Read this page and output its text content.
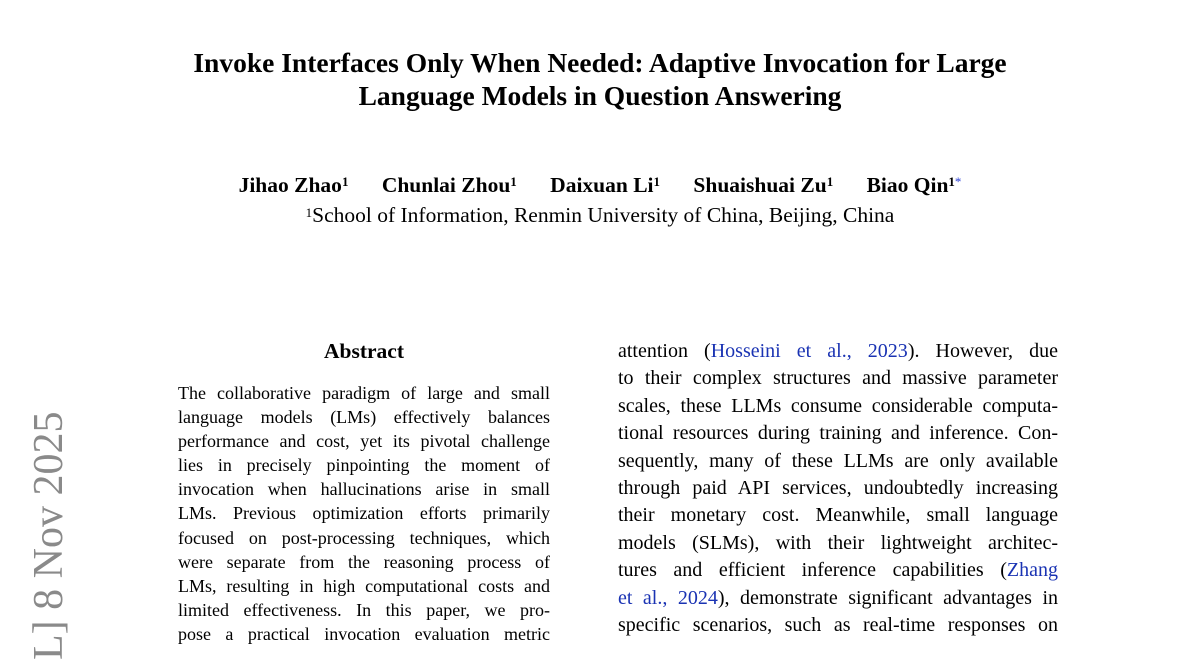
Invoke Interfaces Only When Needed: Adaptive Invocation for Large
Language Models in Question Answering
Jihao Zhao$^1$ Chunlai Zhou$^1$ Daixuan Li$^1$ Shuaishuai Zu$^1$ Biao Qin$^{1*}$
$^1$School of Information, Renmin University of China, Beijing, China
L] 8 Nov 2025
Abstract
The collaborative paradigm of large and small
language models (LMs) effectively balances
performance and cost, yet its pivotal challenge
lies in precisely pinpointing the moment of
invocation when hallucinations arise in small
LMs. Previous optimization efforts primarily
focused on post-processing techniques, which
were separate from the reasoning process of
LMs, resulting in high computational costs and
limited effectiveness. In this paper, we pro-
pose a practical invocation evaluation metric
attention (Hosseini et al., 2023). However, due
to their complex structures and massive parameter
scales, these LLMs consume considerable computa-
tional resources during training and inference. Con-
sequently, many of these LLMs are only available
through paid API services, undoubtedly increasing
their monetary cost. Meanwhile, small language
models (SLMs), with their lightweight architec-
tures and efficient inference capabilities (Zhang
et al., 2024), demonstrate significant advantages in
specific scenarios, such as real-time responses on
